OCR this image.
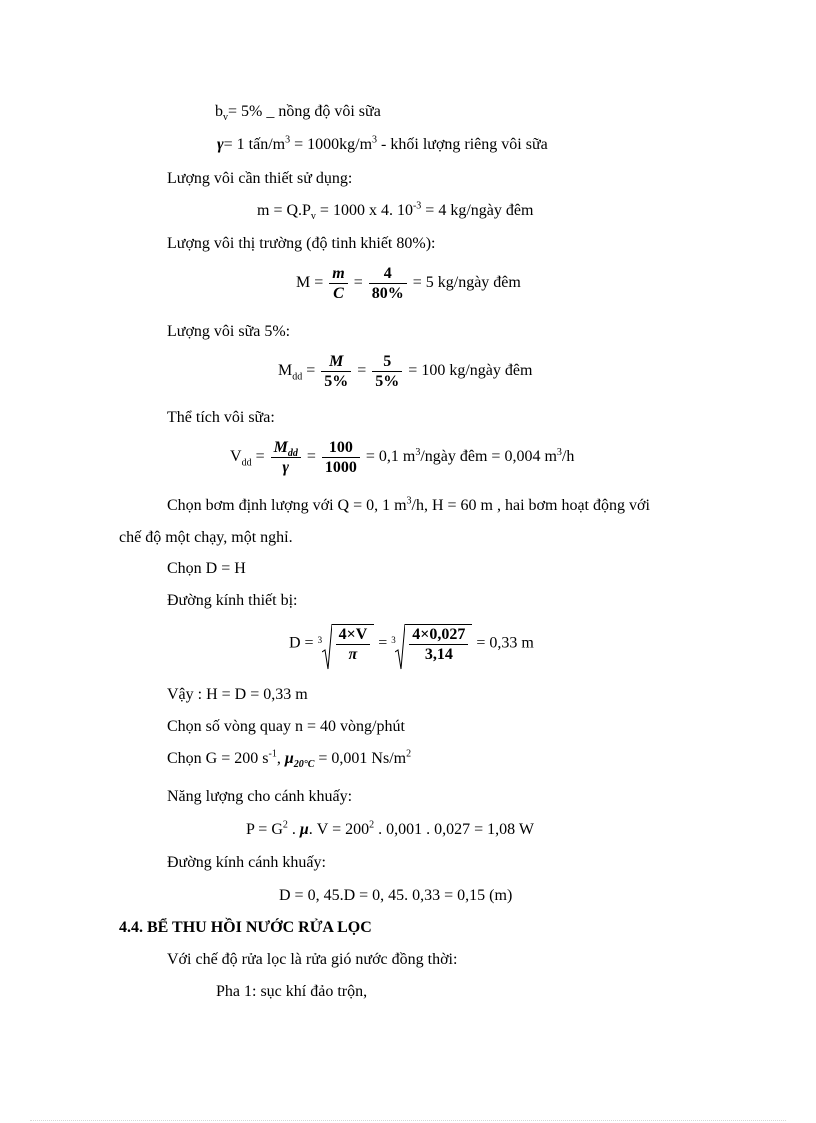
$b_v= 5\%$ _ nồng độ vôi sữa
γ= 1 tấn/$m^3 = 1000kg/m^3$ - khối lượng riêng vôi sữa
Lượng vôi cần thiết sử dụng:
$m = Q.P_v = 1000$ x 4. $10^{-3} = 4$ kg/ngày đêm
Lượng vôi thị trường (độ tinh khiết 80%):
$M = \frac{m}{C} = \frac{4}{80\%} = 5$ kg/ngày đêm
Lượng vôi sữa 5%:
$M_{dd} = \frac{M}{5\%} = \frac{5}{5\%} = 100$ kg/ngày đêm
Thể tích vôi sữa:
$V_{dd} = \frac{M_{dd}}{\gamma} = \frac{100}{1000} = 0,1$ $m^3$/ngày đêm = 0,004 $m^3/h$
Chọn bơm định lượng với Q = 0, 1 $m^3/h$, H = 60 m , hai bơm hoạt động với
chế độ một chạy, một nghỉ.
Chọn D = H
Đường kính thiết bị:
$D = 3 \frac{4\times V}{\pi} = 3 \frac{4\times 0,027}{3,14} = 0,33$ m
Vậy : H = D = 0,33 m
Chọn số vòng quay n = 40 vòng/phút
Chọn G = 200 $s^{-1}$, $\mu_{20^\circ C} = 0,001$ $Ns/m^2$
Năng lượng cho cánh khuấy:
$P = G^2$ . μ. $V = 200^2$ . 0,001 . 0,027 = 1,08 W
Đường kính cánh khuấy:
D = 0, 45.D = 0, 45. 0,33 = 0,15 (m)
4.4. BỂ THU HỒI NƯỚC RỬA LỌC
Với chế độ rửa lọc là rửa gió nước đồng thời:
Pha 1: sục khí đảo trộn,
